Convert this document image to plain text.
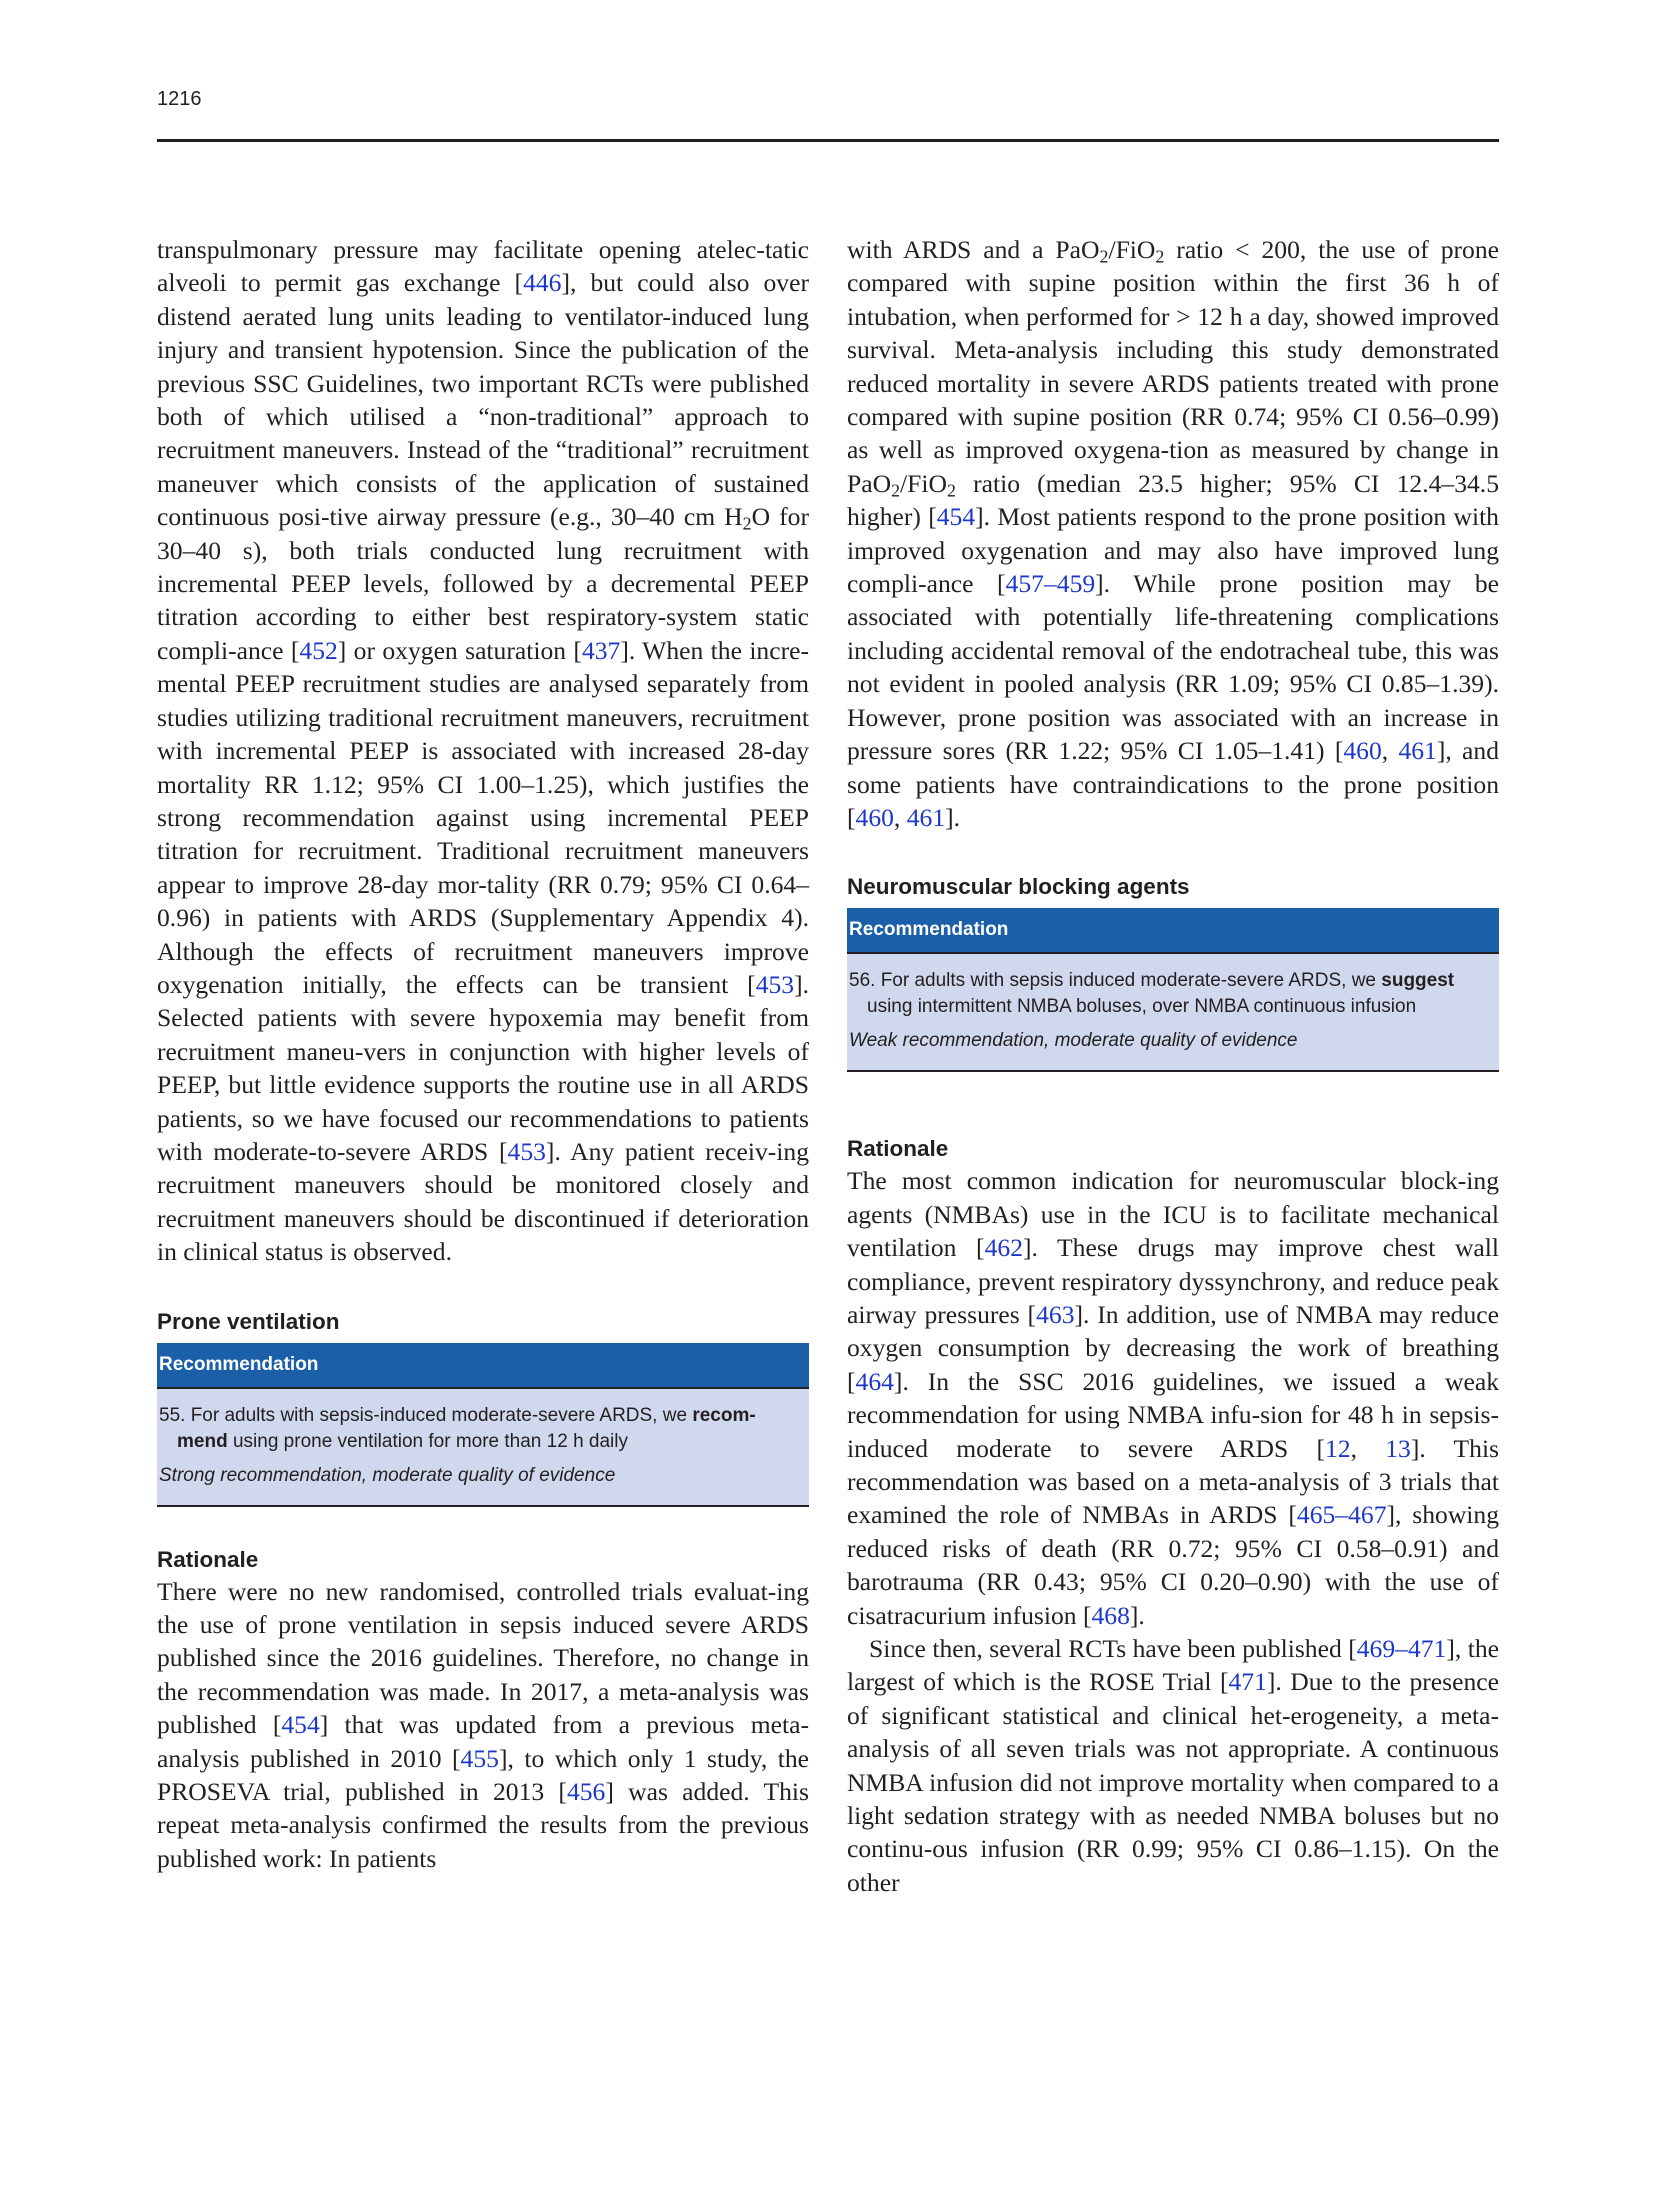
1216

transpulmonary pressure may facilitate opening atelec-tatic alveoli to permit gas exchange [446], but could also over distend aerated lung units leading to ventilator-induced lung injury and transient hypotension. Since the publication of the previous SSC Guidelines, two important RCTs were published both of which utilised a “non-traditional” approach to recruitment maneuvers. Instead of the “traditional” recruitment maneuver which consists of the application of sustained continuous posi-tive airway pressure (e.g., 30–40 cm $H_2O$ for 30–40 s), both trials conducted lung recruitment with incremental PEEP levels, followed by a decremental PEEP titration according to either best respiratory-system static compli-ance [452] or oxygen saturation [437]. When the incre-mental PEEP recruitment studies are analysed separately from studies utilizing traditional recruitment maneuvers, recruitment with incremental PEEP is associated with increased 28-day mortality RR 1.12; 95% CI 1.00–1.25), which justifies the strong recommendation against using incremental PEEP titration for recruitment. Traditional recruitment maneuvers appear to improve 28-day mor-tality (RR 0.79; 95% CI 0.64–0.96) in patients with ARDS (Supplementary Appendix 4). Although the effects of recruitment maneuvers improve oxygenation initially, the effects can be transient [453]. Selected patients with severe hypoxemia may benefit from recruitment maneu-vers in conjunction with higher levels of PEEP, but little evidence supports the routine use in all ARDS patients, so we have focused our recommendations to patients with moderate-to-severe ARDS [453]. Any patient receiv-ing recruitment maneuvers should be monitored closely and recruitment maneuvers should be discontinued if deterioration in clinical status is observed.

Prone ventilation
Recommendation

55. For adults with sepsis-induced moderate-severe ARDS, we recom-mend using prone ventilation for more than 12 h daily

Strong recommendation, moderate quality of evidence

Rationale

There were no new randomised, controlled trials evaluat-ing the use of prone ventilation in sepsis induced severe ARDS published since the 2016 guidelines. Therefore, no change in the recommendation was made. In 2017, a meta-analysis was published [454] that was updated from a previous meta-analysis published in 2010 [455], to which only 1 study, the PROSEVA trial, published in 2013 [456] was added. This repeat meta-analysis confirmed the results from the previous published work: In patients

with ARDS and a PaO$_2$/FiO$_2$ ratio < 200, the use of prone compared with supine position within the first 36 h of intubation, when performed for > 12 h a day, showed improved survival. Meta-analysis including this study demonstrated reduced mortality in severe ARDS patients treated with prone compared with supine position (RR 0.74; 95% CI 0.56–0.99) as well as improved oxygena-tion as measured by change in PaO$_2$/FiO$_2$ ratio (median 23.5 higher; 95% CI 12.4–34.5 higher) [454]. Most patients respond to the prone position with improved oxygenation and may also have improved lung compli-ance [457–459]. While prone position may be associated with potentially life-threatening complications including accidental removal of the endotracheal tube, this was not evident in pooled analysis (RR 1.09; 95% CI 0.85–1.39). However, prone position was associated with an increase in pressure sores (RR 1.22; 95% CI 1.05–1.41) [460, 461], and some patients have contraindications to the prone position [460, 461].

Neuromuscular blocking agents
Recommendation

56. For adults with sepsis induced moderate-severe ARDS, we suggest using intermittent NMBA boluses, over NMBA continuous infusion

Weak recommendation, moderate quality of evidence

Rationale

The most common indication for neuromuscular block-ing agents (NMBAs) use in the ICU is to facilitate mechanical ventilation [462]. These drugs may improve chest wall compliance, prevent respiratory dyssynchrony, and reduce peak airway pressures [463]. In addition, use of NMBA may reduce oxygen consumption by decreasing the work of breathing [464]. In the SSC 2016 guidelines, we issued a weak recommendation for using NMBA infu-sion for 48 h in sepsis-induced moderate to severe ARDS [12, 13]. This recommendation was based on a meta-analysis of 3 trials that examined the role of NMBAs in ARDS [465–467], showing reduced risks of death (RR 0.72; 95% CI 0.58–0.91) and barotrauma (RR 0.43; 95% CI 0.20–0.90) with the use of cisatracurium infusion [468].

Since then, several RCTs have been published [469–471], the largest of which is the ROSE Trial [471]. Due to the presence of significant statistical and clinical het-erogeneity, a meta-analysis of all seven trials was not appropriate. A continuous NMBA infusion did not improve mortality when compared to a light sedation strategy with as needed NMBA boluses but no continu-ous infusion (RR 0.99; 95% CI 0.86–1.15). On the other
